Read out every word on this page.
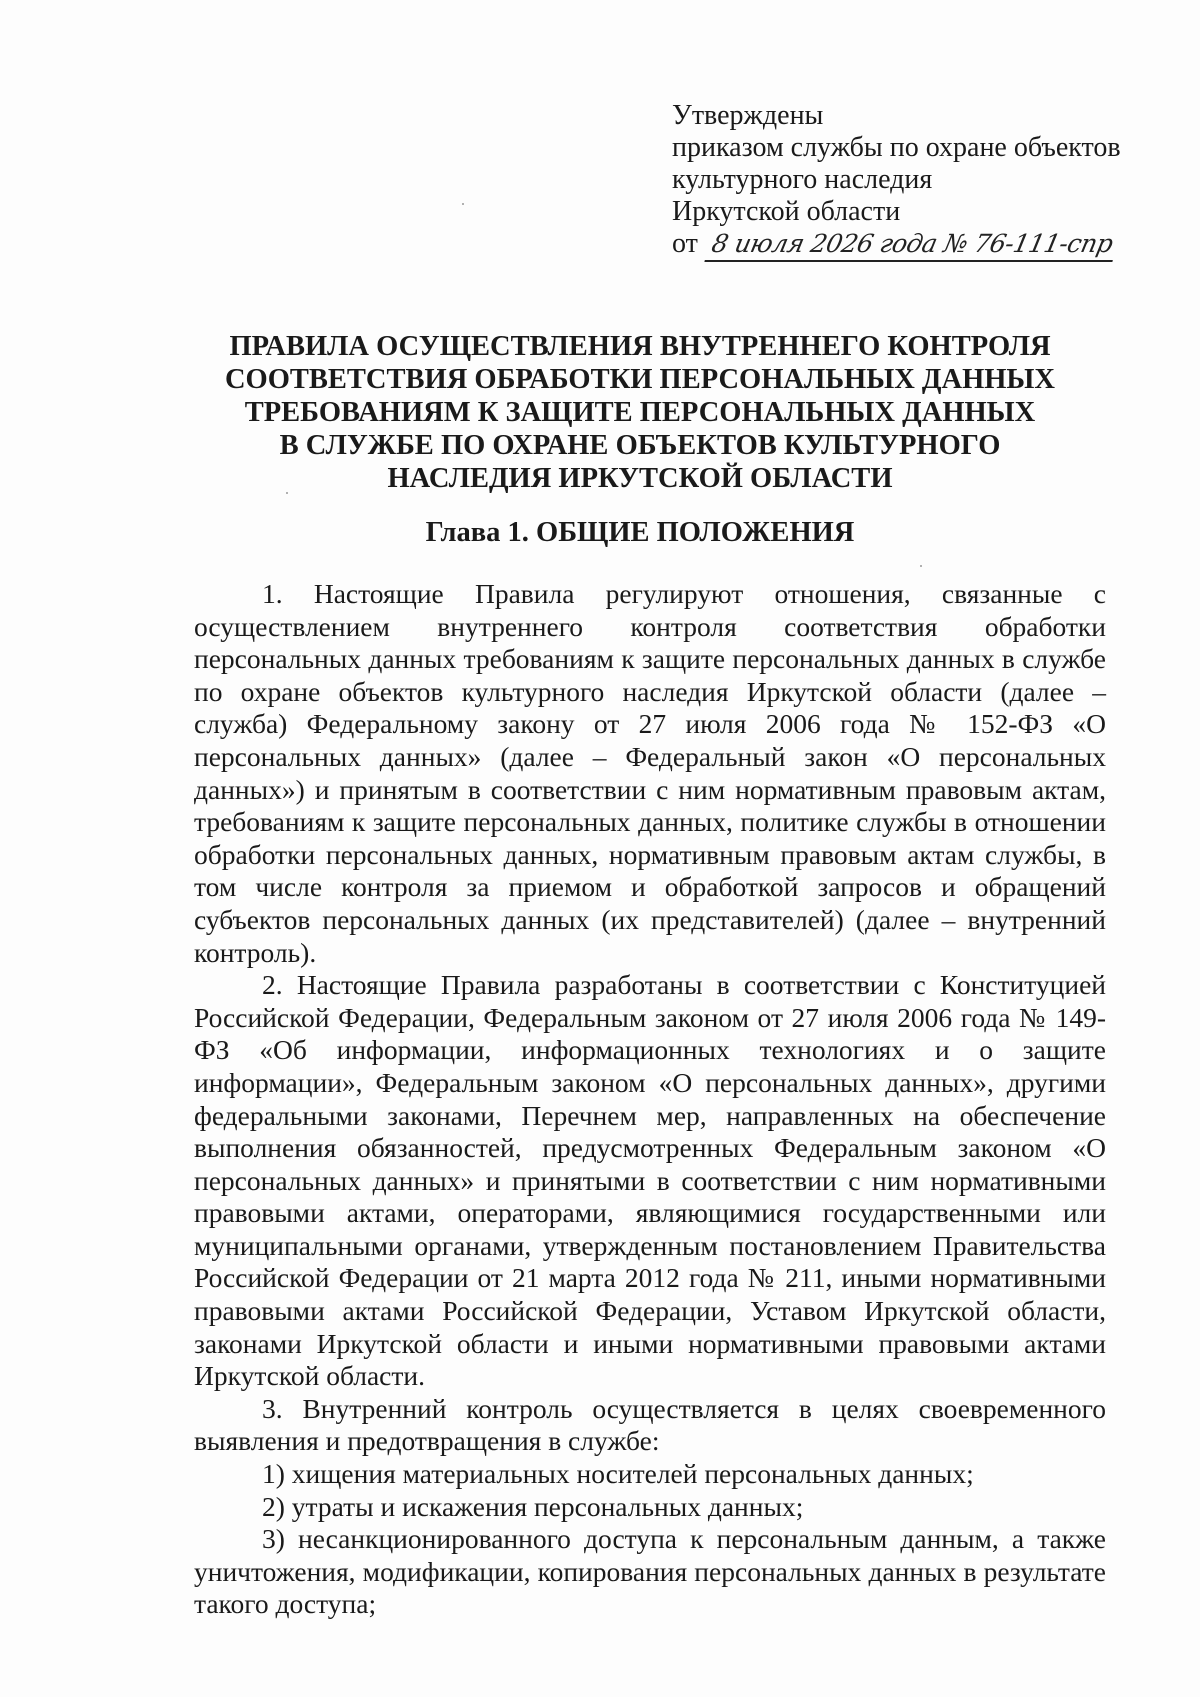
Утверждены
приказом службы по охране объектов
культурного наследия
Иркутской области
от 8 июля 2026 года № 76-111-спр
ПРАВИЛА ОСУЩЕСТВЛЕНИЯ ВНУТРЕННЕГО КОНТРОЛЯ
СООТВЕТСТВИЯ ОБРАБОТКИ ПЕРСОНАЛЬНЫХ ДАННЫХ
ТРЕБОВАНИЯМ К ЗАЩИТЕ ПЕРСОНАЛЬНЫХ ДАННЫХ
В СЛУЖБЕ ПО ОХРАНЕ ОБЪЕКТОВ КУЛЬТУРНОГО
НАСЛЕДИЯ ИРКУТСКОЙ ОБЛАСТИ
Глава 1. ОБЩИЕ ПОЛОЖЕНИЯ

1. Настоящие Правила регулируют отношения, связанные с осуществлением внутреннего контроля соответствия обработки персональных данных требованиям к защите персональных данных в службе по охране объектов культурного наследия Иркутской области (далее – служба) Федеральному закону от 27 июля 2006 года № 152-ФЗ «О персональных данных» (далее – Федеральный закон «О персональных данных») и принятым в соответствии с ним нормативным правовым актам, требованиям к защите персональных данных, политике службы в отношении обработки персональных данных, нормативным правовым актам службы, в том числе контроля за приемом и обработкой запросов и обращений субъектов персональных данных (их представителей) (далее – внутренний контроль).

2. Настоящие Правила разработаны в соответствии с Конституцией Российской Федерации, Федеральным законом от 27 июля 2006 года № 149-ФЗ «Об информации, информационных технологиях и о защите информации», Федеральным законом «О персональных данных», другими федеральными законами, Перечнем мер, направленных на обеспечение выполнения обязанностей, предусмотренных Федеральным законом «О персональных данных» и принятыми в соответствии с ним нормативными правовыми актами, операторами, являющимися государственными или муниципальными органами, утвержденным постановлением Правительства Российской Федерации от 21 марта 2012 года № 211, иными нормативными правовыми актами Российской Федерации, Уставом Иркутской области, законами Иркутской области и иными нормативными правовыми актами Иркутской области.

3. Внутренний контроль осуществляется в целях своевременного выявления и предотвращения в службе:

1) хищения материальных носителей персональных данных;

2) утраты и искажения персональных данных;

3) несанкционированного доступа к персональным данным, а также уничтожения, модификации, копирования персональных данных в результате такого доступа;
